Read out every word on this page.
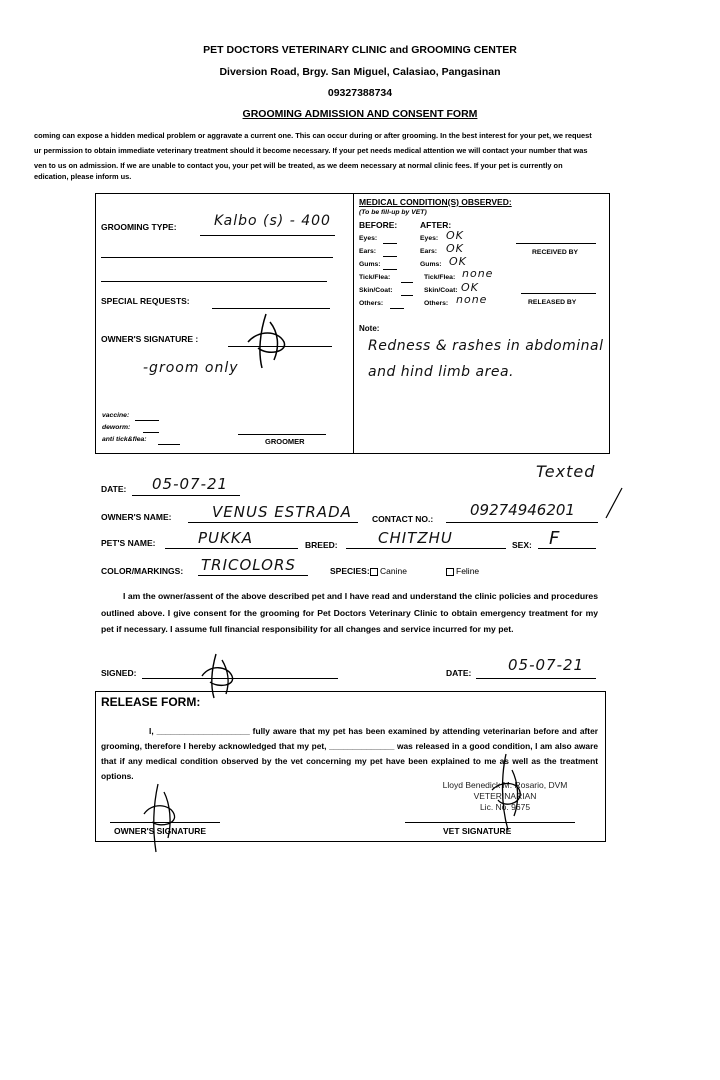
PET DOCTORS VETERINARY CLINIC and GROOMING CENTER
Diversion Road, Brgy. San Miguel, Calasiao, Pangasinan
09327388734
GROOMING ADMISSION AND CONSENT FORM
coming can expose a hidden medical problem or aggravate a current one. This can occur during or after grooming. In the best interest for your pet, we request
ur permission to obtain immediate veterinary treatment should it become necessary. If your pet needs medical attention we will contact your number that was
ven to us on admission. If we are unable to contact you, your pet will be treated, as we deem necessary at normal clinic fees. If your pet is currently on
edication, please inform us.
GROOMING TYPE:	Kalbo (s) - 400
SPECIAL REQUESTS:
OWNER'S SIGNATURE :
-groom only
vaccine:
deworm:
anti tick&flea:	GROOMER
MEDICAL CONDITION(S) OBSERVED:
(To be fill-up by VET)
BEFORE:	AFTER:
Eyes:	Eyes: OK
Ears:	Ears: OK
Gums:	Gums: OK
Tick/Flea:	Tick/Flea: none
Skin/Coat:	Skin/Coat: OK
Others:	Others: none
RECEIVED BY
RELEASED BY
Note:
Redness & rashes in abdominal
and hind limb area.
Texted
DATE: 05-07-21
OWNER'S NAME:	VENUS ESTRADA CONTACT NO.: 09274946201
PET'S NAME:	PUKKA	BREED:	CHITZHU	SEX: F
COLOR/MARKINGS: TRICOLORS	SPECIES: Canine	Feline
I am the owner/assent of the above described pet and I have read and understand the clinic policies and procedures outlined above. I give consent for the grooming for Pet Doctors Veterinary Clinic to obtain emergency treatment for my pet if necessary. I assume full financial responsibility for all changes and service incurred for my pet.
SIGNED:	DATE: 05-07-21
RELEASE FORM:
I, ____________________ fully aware that my pet has been examined by attending veterinarian before and after grooming, therefore I hereby acknowledged that my pet, ______________ was released in a good condition, I am also aware that if any medical condition observed by the vet concerning my pet have been explained to me as well as the treatment options.
Lloyd Benedick M. Rosario, DVM
VETERINARIAN
Lic. No. 9675
OWNER'S SIGNATURE	VET SIGNATURE
